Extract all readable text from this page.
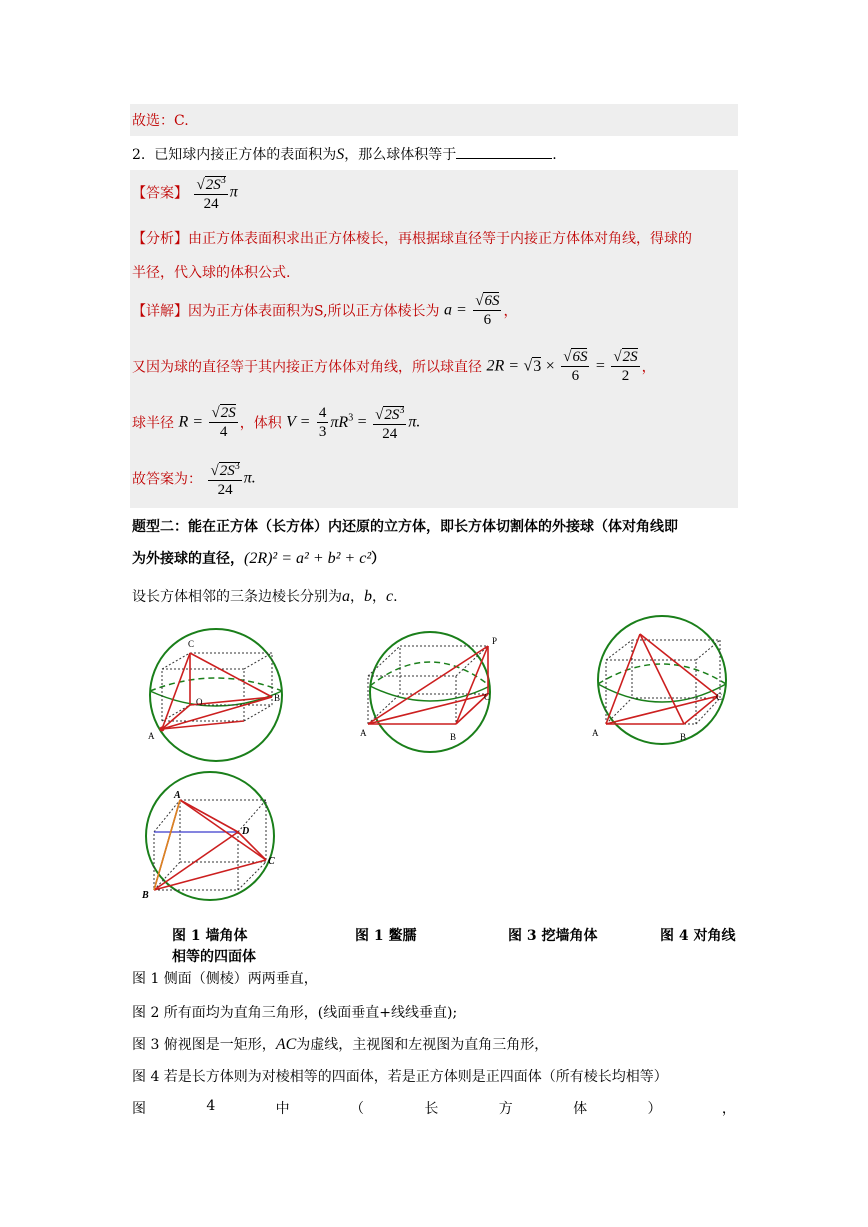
故选：C.
2. 已知球内接正方体的表面积为S，那么球体积等于	.
【答案】 $\frac{√2S^3}{24}$ π
【分析】由正方体表面积求出正方体棱长，再根据球直径等于内接正方体体对角线，得球的
半径，代入球的体积公式.
【详解】因为正方体表面积为S,所以正方体棱长为 $a = \frac{√6S}{6}$ ，
又因为球的直径等于其内接正方体体对角线，所以球直径 $2R = √3 \times \frac{√6S}{6} = \frac{√2S}{2}$ ，
球半径 $R = \frac{√2S}{4}$ ，体积 $V = \frac{4}{3} \pi R^3 = \frac{√2S^3}{24} \pi$.
故答案为： $\frac{√2S^3}{24} \pi$.
题型二：能在正方体（长方体）内还原的立方体，即长方体切割体的外接球（体对角线即
为外接球的直径，(2R)² = a² + b² + c²）
设长方体相邻的三条边棱长分别为a，b，c.
C
O	B
A
P
A	B
C
A	B
C
A
D
C
B
图 1 墙角体	图 1 鳖臑	图 3 挖墙角体	图 4 对角线
相等的四面体
图 1 侧面（侧棱）两两垂直，
图 2 所有面均为直角三角形，(线面垂直+线线垂直);
图 3 俯视图是一矩形，AC为虚线，主视图和左视图为直角三角形，
图 4 若是长方体则为对棱相等的四面体，若是正方体则是正四面体（所有棱长均相等）
图	4	中	（	长	方	体	）	，
